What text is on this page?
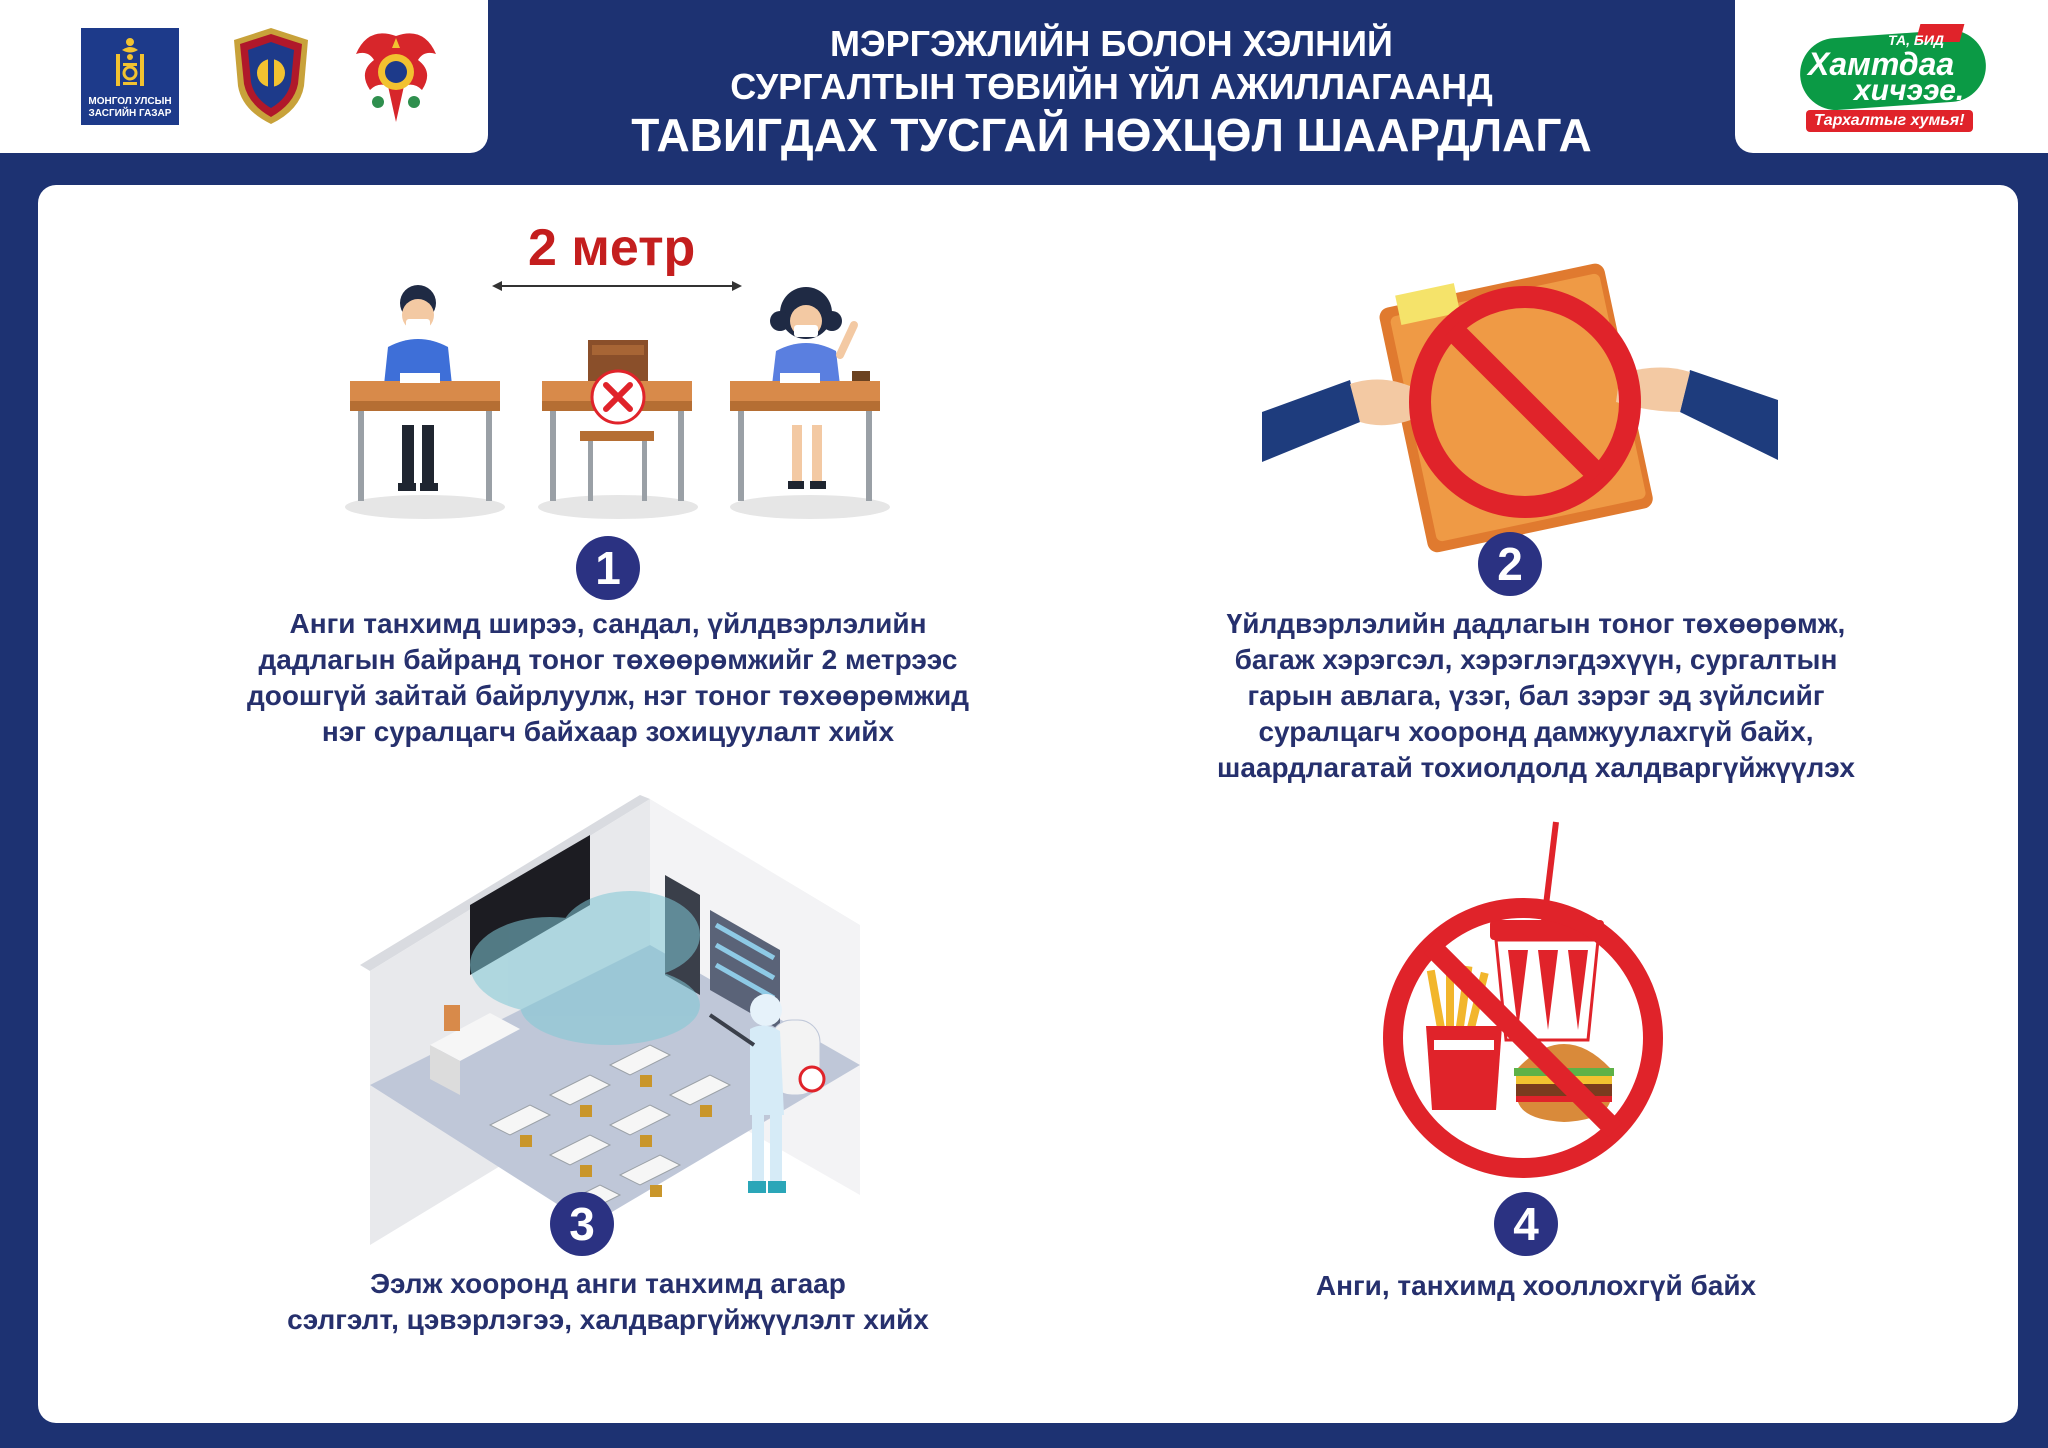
МОНГОЛ УЛСЫН
ЗАСГИЙН ГАЗАР
МЭРГЭЖЛИЙН БОЛОН ХЭЛНИЙ
СУРГАЛТЫН ТӨВИЙН ҮЙЛ АЖИЛЛАГААНД
ТАВИГДАХ ТУСГАЙ НӨХЦӨЛ ШААРДЛАГА
ТА, БИД
Хамтдаа
хичээе.
Тархалтыг хумья!
2 метр
1
Анги танхимд ширээ, сандал, үйлдвэрлэлийн
дадлагын байранд тоног төхөөрөмжийг 2 метрээс
доошгүй зайтай байрлуулж, нэг тоног төхөөрөмжид
нэг суралцагч байхаар зохицуулалт хийх
2
Үйлдвэрлэлийн дадлагын тоног төхөөрөмж,
багаж хэрэгсэл, хэрэглэгдэхүүн, сургалтын
гарын авлага, үзэг, бал зэрэг эд зүйлсийг
суралцагч хооронд дамжуулахгүй байх,
шаардлагатай тохиолдолд халдваргүйжүүлэх
3
Ээлж хооронд анги танхимд агаар
сэлгэлт, цэвэрлэгээ, халдваргүйжүүлэлт хийх
4
Анги, танхимд хооллохгүй байх
